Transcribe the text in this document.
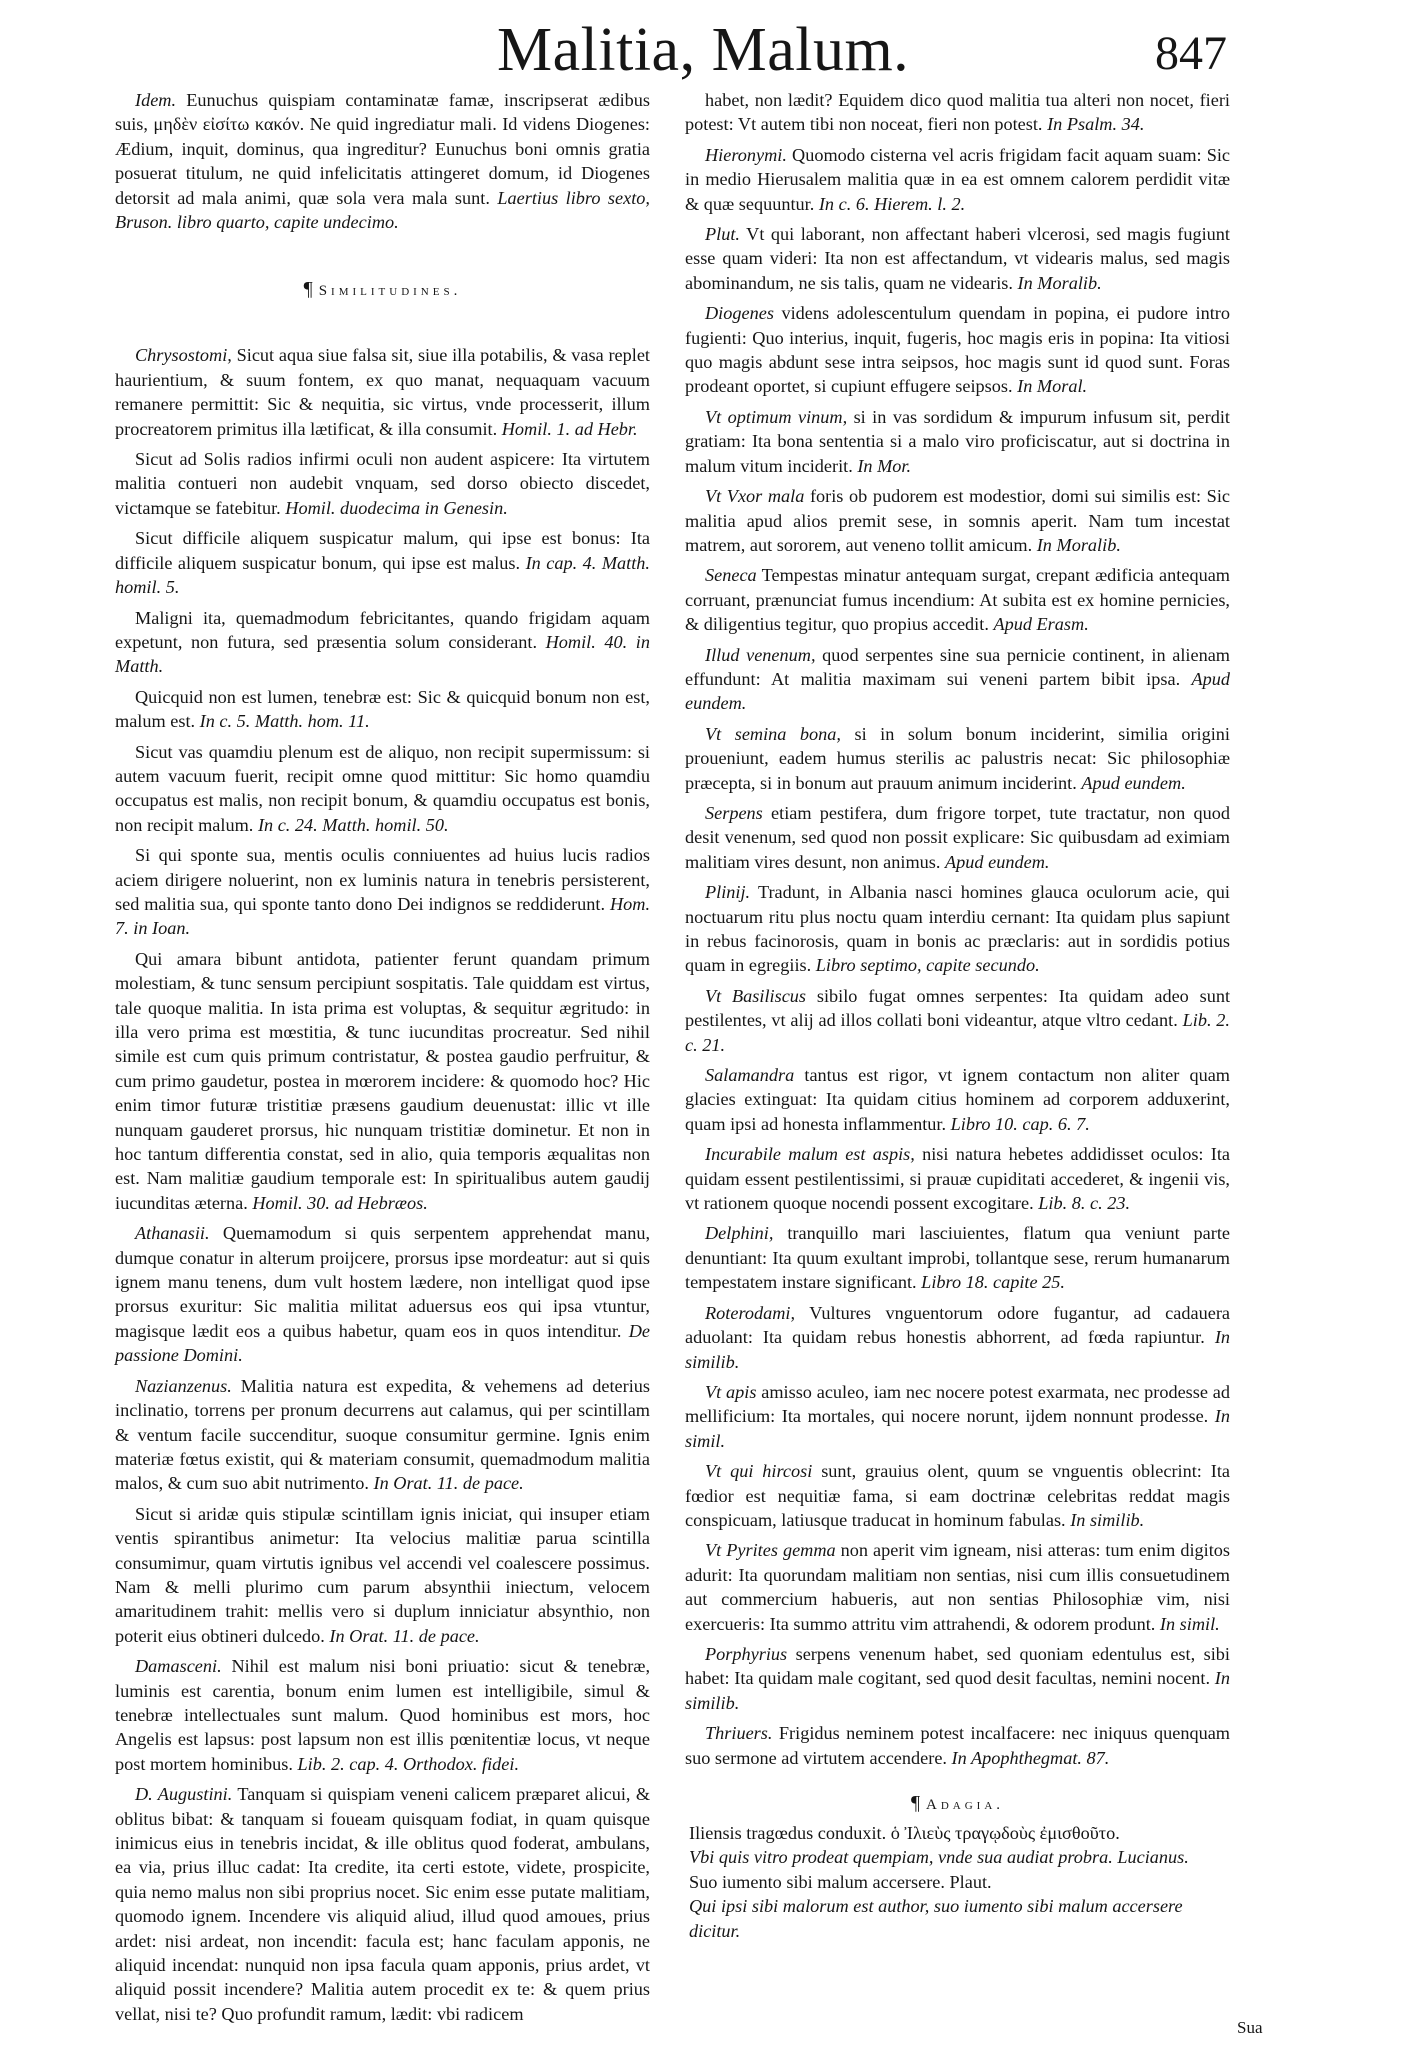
Malitia, Malum.	847

Idem. Eunuchus quispiam contaminatæ famæ, inscripserat ædibus suis, μηδὲν εἰσίτω κακόν. Ne quid ingrediatur mali. Id videns Diogenes: Ædium, inquit, dominus, qua ingreditur? Eunuchus boni omnis gratia posuerat titulum, ne quid infelicitatis attingeret domum, id Diogenes detorsit ad mala animi, quæ sola vera mala sunt. Laertius libro sexto, Bruson. libro quarto, capite undecimo.

¶ Similitudines.

Chrysostomi, Sicut aqua siue falsa sit, siue illa potabilis, & vasa replet haurientium, & suum fontem, ex quo manat, nequaquam vacuum remanere permittit: Sic & nequitia, sic virtus, vnde processerit, illum procreatorem primitus illa lætificat, & illa consumit. Homil. 1. ad Hebr.

Sicut ad Solis radios infirmi oculi non audent aspicere: Ita virtutem malitia contueri non audebit vnquam, sed dorso obiecto discedet, victamque se fatebitur. Homil. duodecima in Genesin.

Sicut difficile aliquem suspicatur malum, qui ipse est bonus: Ita difficile aliquem suspicatur bonum, qui ipse est malus. In cap. 4. Matth. homil. 5.

Maligni ita, quemadmodum febricitantes, quando frigidam aquam expetunt, non futura, sed præsentia solum considerant. Homil. 40. in Matth.

Quicquid non est lumen, tenebræ est: Sic & quicquid bonum non est, malum est. In c. 5. Matth. hom. 11.

Sicut vas quamdiu plenum est de aliquo, non recipit supermissum: si autem vacuum fuerit, recipit omne quod mittitur: Sic homo quamdiu occupatus est malis, non recipit bonum, & quamdiu occupatus est bonis, non recipit malum. In c. 24. Matth. homil. 50.

Si qui sponte sua, mentis oculis conniuentes ad huius lucis radios aciem dirigere noluerint, non ex luminis natura in tenebris persisterent, sed malitia sua, qui sponte tanto dono Dei indignos se reddiderunt. Hom. 7. in Ioan.

Qui amara bibunt antidota, patienter ferunt quandam primum molestiam, & tunc sensum percipiunt sospitatis. Tale quiddam est virtus, tale quoque malitia. In ista prima est voluptas, & sequitur ægritudo: in illa vero prima est mœstitia, & tunc iucunditas procreatur. Sed nihil simile est cum quis primum contristatur, & postea gaudio perfruitur, & cum primo gaudetur, postea in mœrorem incidere: & quomodo hoc? Hic enim timor futuræ tristitiæ præsens gaudium deuenustat: illic vt ille nunquam gauderet prorsus, hic nunquam tristitiæ dominetur. Et non in hoc tantum differentia constat, sed in alio, quia temporis æqualitas non est. Nam malitiæ gaudium temporale est: In spiritualibus autem gaudij iucunditas æterna. Homil. 30. ad Hebræos.

Athanasii. Quemamodum si quis serpentem apprehendat manu, dumque conatur in alterum proijcere, prorsus ipse mordeatur: aut si quis ignem manu tenens, dum vult hostem lædere, non intelligat quod ipse prorsus exuritur: Sic malitia militat aduersus eos qui ipsa vtuntur, magisque lædit eos a quibus habetur, quam eos in quos intenditur. De passione Domini.

Nazianzenus. Malitia natura est expedita, & vehemens ad deterius inclinatio, torrens per pronum decurrens aut calamus, qui per scintillam & ventum facile succenditur, suoque consumitur germine. Ignis enim materiæ fœtus existit, qui & materiam consumit, quemadmodum malitia malos, & cum suo abit nutrimento. In Orat. 11. de pace.

Sicut si aridæ quis stipulæ scintillam ignis iniciat, qui insuper etiam ventis spirantibus animetur: Ita velocius malitiæ parua scintilla consumimur, quam virtutis ignibus vel accendi vel coalescere possimus. Nam & melli plurimo cum parum absynthii iniectum, velocem amaritudinem trahit: mellis vero si duplum inniciatur absynthio, non poterit eius obtineri dulcedo. In Orat. 11. de pace.

Damasceni. Nihil est malum nisi boni priuatio: sicut & tenebræ, luminis est carentia, bonum enim lumen est intelligibile, simul & tenebræ intellectuales sunt malum. Quod hominibus est mors, hoc Angelis est lapsus: post lapsum non est illis pœnitentiæ locus, vt neque post mortem hominibus. Lib. 2. cap. 4. Orthodox. fidei.

D. Augustini. Tanquam si quispiam veneni calicem præparet alicui, & oblitus bibat: & tanquam si foueam quisquam fodiat, in quam quisque inimicus eius in tenebris incidat, & ille oblitus quod foderat, ambulans, ea via, prius illuc cadat: Ita credite, ita certi estote, videte, prospicite, quia nemo malus non sibi proprius nocet. Sic enim esse putate malitiam, quomodo ignem. Incendere vis aliquid aliud, illud quod amoues, prius ardet: nisi ardeat, non incendit: facula est; hanc faculam apponis, ne aliquid incendat: nunquid non ipsa facula quam apponis, prius ardet, vt aliquid possit incendere? Malitia autem procedit ex te: & quem prius vellat, nisi te? Quo profundit ramum, lædit: vbi radicem

habet, non lædit? Equidem dico quod malitia tua alteri non nocet, fieri potest: Vt autem tibi non noceat, fieri non potest. In Psalm. 34.

Hieronymi. Quomodo cisterna vel acris frigidam facit aquam suam: Sic in medio Hierusalem malitia quæ in ea est omnem calorem perdidit vitæ & quæ sequuntur. In c. 6. Hierem. l. 2.

Plut. Vt qui laborant, non affectant haberi vlcerosi, sed magis fugiunt esse quam videri: Ita non est affectandum, vt videaris malus, sed magis abominandum, ne sis talis, quam ne videaris. In Moralib.

Diogenes videns adolescentulum quendam in popina, ei pudore intro fugienti: Quo interius, inquit, fugeris, hoc magis eris in popina: Ita vitiosi quo magis abdunt sese intra seipsos, hoc magis sunt id quod sunt. Foras prodeant oportet, si cupiunt effugere seipsos. In Moral.

Vt optimum vinum, si in vas sordidum & impurum infusum sit, perdit gratiam: Ita bona sententia si a malo viro proficiscatur, aut si doctrina in malum vitum inciderit. In Mor.

Vt Vxor mala foris ob pudorem est modestior, domi sui similis est: Sic malitia apud alios premit sese, in somnis aperit. Nam tum incestat matrem, aut sororem, aut veneno tollit amicum. In Moralib.

Seneca Tempestas minatur antequam surgat, crepant ædificia antequam corruant, prænunciat fumus incendium: At subita est ex homine pernicies, & diligentius tegitur, quo propius accedit. Apud Erasm.

Illud venenum, quod serpentes sine sua pernicie continent, in alienam effundunt: At malitia maximam sui veneni partem bibit ipsa. Apud eundem.

Vt semina bona, si in solum bonum inciderint, similia origini proueniunt, eadem humus sterilis ac palustris necat: Sic philosophiæ præcepta, si in bonum aut prauum animum inciderint. Apud eundem.

Serpens etiam pestifera, dum frigore torpet, tute tractatur, non quod desit venenum, sed quod non possit explicare: Sic quibusdam ad eximiam malitiam vires desunt, non animus. Apud eundem.

Plinij. Tradunt, in Albania nasci homines glauca oculorum acie, qui noctuarum ritu plus noctu quam interdiu cernant: Ita quidam plus sapiunt in rebus facinorosis, quam in bonis ac præclaris: aut in sordidis potius quam in egregiis. Libro septimo, capite secundo.

Vt Basiliscus sibilo fugat omnes serpentes: Ita quidam adeo sunt pestilentes, vt alij ad illos collati boni videantur, atque vltro cedant. Lib. 2. c. 21.

Salamandra tantus est rigor, vt ignem contactum non aliter quam glacies extinguat: Ita quidam citius hominem ad corporem adduxerint, quam ipsi ad honesta inflammentur. Libro 10. cap. 6. 7.

Incurabile malum est aspis, nisi natura hebetes addidisset oculos: Ita quidam essent pestilentissimi, si prauæ cupiditati accederet, & ingenii vis, vt rationem quoque nocendi possent excogitare. Lib. 8. c. 23.

Delphini, tranquillo mari lasciuientes, flatum qua veniunt parte denuntiant: Ita quum exultant improbi, tollantque sese, rerum humanarum tempestatem instare significant. Libro 18. capite 25.

Roterodami, Vultures vnguentorum odore fugantur, ad cadauera aduolant: Ita quidam rebus honestis abhorrent, ad fœda rapiuntur. In similib.

Vt apis amisso aculeo, iam nec nocere potest exarmata, nec prodesse ad mellificium: Ita mortales, qui nocere norunt, ijdem nonnunt prodesse. In simil.

Vt qui hircosi sunt, grauius olent, quum se vnguentis oblecrint: Ita fœdior est nequitiæ fama, si eam doctrinæ celebritas reddat magis conspicuam, latiusque traducat in hominum fabulas. In similib.

Vt Pyrites gemma non aperit vim igneam, nisi atteras: tum enim digitos adurit: Ita quorundam malitiam non sentias, nisi cum illis consuetudinem aut commercium habueris, aut non sentias Philosophiæ vim, nisi exercueris: Ita summo attritu vim attrahendi, & odorem produnt. In simil.

Porphyrius serpens venenum habet, sed quoniam edentulus est, sibi habet: Ita quidam male cogitant, sed quod desit facultas, nemini nocent. In similib.

Thriuers. Frigidus neminem potest incalfacere: nec iniquus quenquam suo sermone ad virtutem accendere. In Apophthegmat. 87.

¶ Adagia.

Iliensis tragœdus conduxit. ὁ Ἰλιεὺς τραγῳδοὺς ἐμισθοῦτο.

Vbi quis vitro prodeat quempiam, vnde sua audiat probra. Lucianus.

Suo iumento sibi malum accersere. Plaut.

Qui ipsi sibi malorum est author, suo iumento sibi malum accersere dicitur.

Sua
